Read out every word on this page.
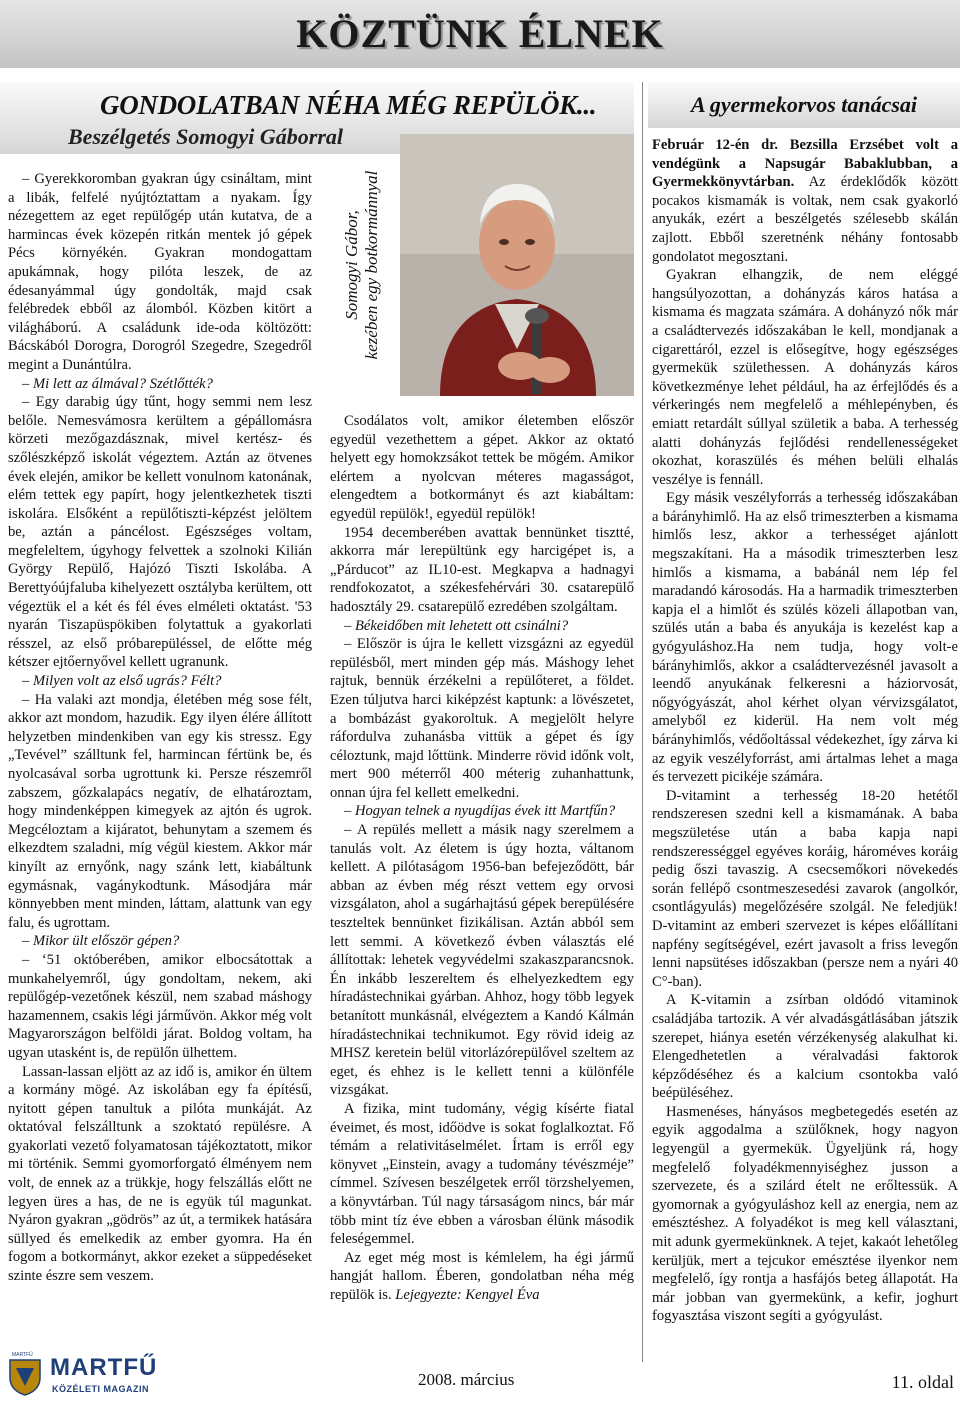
KÖZTÜNK ÉLNEK
GONDOLATBAN NÉHA MÉG REPÜLÖK...
Beszélgetés Somogyi Gáborral
Somogyi Gábor, kezében egy botkormánnyal

– Gyerekkoromban gyakran úgy csináltam, mint a libák, felfelé nyújtóztattam a nyakam. Így nézegettem az eget repülőgép után kutatva, de a harmincas évek közepén ritkán mentek jó gépek Pécs környékén. Gyakran mondogattam apukámnak, hogy pilóta leszek, de az édesanyámmal úgy gondolták, majd csak felébredek ebből az álomból. Közben kitört a világháború. A családunk ide-oda költözött: Bácskából Dorogra, Dorogról Szegedre, Szegedről megint a Dunántúlra.

– Mi lett az álmával? Szétlőtték?

– Egy darabig úgy tűnt, hogy semmi nem lesz belőle. Nemesvámosra kerültem a gépállomásra körzeti mezőgazdásznak, mivel kertész- és szőlészképző iskolát végeztem. Aztán az ötvenes évek elején, amikor be kellett vonulnom katonának, elém tettek egy papírt, hogy jelentkezhetek tiszti iskolára. Elsőként a repülőtiszti-képzést jelöltem be, aztán a páncélost. Egészséges voltam, megfeleltem, úgyhogy felvettek a szolnoki Kilián György Repülő, Hajózó Tiszti Iskolába. A Berettyóújfaluba kihelyezett osztályba kerültem, ott végeztük el a két és fél éves elméleti oktatást. '53 nyarán Tiszapüspökiben folytattuk a gyakorlati résszel, az első próbarepüléssel, de előtte még kétszer ejtőernyővel kellett ugranunk.

– Milyen volt az első ugrás? Félt?

– Ha valaki azt mondja, életében még sose félt, akkor azt mondom, hazudik. Egy ilyen élére állított helyzetben mindenkiben van egy kis stressz. Egy „Tevével” szálltunk fel, harmincan fértünk be, és nyolcasával sorba ugrottunk ki. Persze részemről zabszem, gőzkalapács negatív, de elhatároztam, hogy mindenképpen kimegyek az ajtón és ugrok. Megcéloztam a kijáratot, behunytam a szemem és elkezdtem szaladni, míg végül kiestem. Akkor már kinyílt az ernyőnk, nagy szánk lett, kiabáltunk egymásnak, vagánykodtunk. Másodjára már könnyebben ment minden, láttam, alattunk van egy falu, és ugrottam.

– Mikor ült először gépen?

– ‘51 októberében, amikor elbocsátottak a munkahelyemről, úgy gondoltam, nekem, aki repülőgép-vezetőnek készül, nem szabad máshogy hazamennem, csakis légi járművön. Akkor még volt Magyarországon belföldi járat. Boldog voltam, ha ugyan utasként is, de repülőn ülhettem.

Lassan-lassan eljött az az idő is, amikor én ültem a kormány mögé. Az iskolában egy fa építésű, nyitott gépen tanultuk a pilóta munkáját. Az oktatóval felszálltunk a szoktató repülésre. A gyakorlati vezető folyamatosan tájékoztatott, mikor mi történik. Semmi gyomorforgató élményem nem volt, de ennek az a trükkje, hogy felszállás előtt ne legyen üres a has, de ne is együk túl magunkat. Nyáron gyakran „gödrös” az út, a termikek hatására süllyed és emelkedik az ember gyomra. Ha én fogom a botkormányt, akkor ezeket a süppedéseket szinte észre sem veszem.

Csodálatos volt, amikor életemben először egyedül vezethettem a gépet. Akkor az oktató helyett egy homokzsákot tettek be mögém. Amikor elértem a nyolcvan méteres magasságot, elengedtem a botkormányt és azt kiabáltam: egyedül repülök!, egyedül repülök!

1954 decemberében avattak bennünket tisztté, akkorra már lerepültünk egy harcigépet is, a „Párducot” az IL10-est. Megkapva a hadnagyi rendfokozatot, a székesfehérvári 30. csatarepülő hadosztály 29. csatarepülő ezredében szolgáltam.

– Békeidőben mit lehetett ott csinálni?

– Először is újra le kellett vizsgázni az egyedül repülésből, mert minden gép más. Máshogy lehet rajtuk, bennük érzékelni a repülőteret, a földet. Ezen túljutva harci kiképzést kaptunk: a lövészetet, a bombázást gyakoroltuk. A megjelölt helyre ráfordulva zuhanásba vittük a gépet és így céloztunk, majd lőttünk. Minderre rövid időnk volt, mert 900 méterről 400 méterig zuhanhattunk, onnan újra fel kellett emelkedni.

– Hogyan telnek a nyugdíjas évek itt Martfűn?

– A repülés mellett a másik nagy szerelmem a tanulás volt. Az életem is úgy hozta, váltanom kellett. A pilótaságom 1956-ban befejeződött, bár abban az évben még részt vettem egy orvosi vizsgálaton, ahol a sugárhajtású gépek berepülésére teszteltek bennünket fizikálisan. Aztán abból sem lett semmi. A következő évben választás elé állítottak: lehetek vegyvédelmi szakaszparancsnok. Én inkább leszereltem és elhelyezkedtem egy híradástechnikai gyárban. Ahhoz, hogy több legyek betanított munkásnál, elvégeztem a Kandó Kálmán híradástechnikai technikumot. Egy rövid ideig az MHSZ keretein belül vitorlázórepülővel szeltem az eget, és ehhez is le kellett tenni a különféle vizsgákat.

A fizika, mint tudomány, végig kísérte fiatal éveimet, és most, időödve is sokat foglalkoztat. Fő témám a relativitáselmélet. Írtam is erről egy könyvet „Einstein, avagy a tudomány tévészméje” címmel. Szívesen beszélgetek erről törzshelyemen, a könyvtárban. Túl nagy társaságom nincs, bár már több mint tíz éve ebben a városban élünk második feleségemmel.

Az eget még most is kémlelem, ha égi jármű hangját hallom. Éberen, gondolatban néha még repülök is. Lejegyezte: Kengyel Éva

A gyermekorvos tanácsai

Február 12-én dr. Bezsilla Erzsébet volt a vendégünk a Napsugár Babaklubban, a Gyermekkönyvtárban. Az érdeklődők között pocakos kismamák is voltak, nem csak gyakorló anyukák, ezért a beszélgetés szélesebb skálán zajlott. Ebből szeretnénk néhány fontosabb gondolatot megosztani.

Gyakran elhangzik, de nem eléggé hangsúlyozottan, a dohányzás káros hatása a kismama és magzata számára. A dohányzó nők már a családtervezés időszakában le kell, mondjanak a cigarettáról, ezzel is elősegítve, hogy egészséges gyermekük születhessen. A dohányzás káros következménye lehet például, ha az érfejlődés és a vérkeringés nem megfelelő a méhlepényben, és emiatt retardált súllyal születik a baba. A terhesség alatti dohányzás fejlődési rendellenességeket okozhat, koraszülés és méhen belüli elhalás veszélye is fennáll.

Egy másik veszélyforrás a terhesség időszakában a bárányhimlő. Ha az első trimeszterben a kismama himlős lesz, akkor a terhességet ajánlott megszakítani. Ha a második trimeszterben lesz himlős a kismama, a babánál nem lép fel maradandó károsodás. Ha a harmadik trimeszterben kapja el a himlőt és szülés közeli állapotban van, szülés után a baba és anyukája is kezelést kap a gyógyuláshoz.Ha nem tudja, hogy volt-e bárányhimlős, akkor a családtervezésnél javasolt a leendő anyukának felkeresni a háziorvosát, nőgyógyászát, ahol kérhet olyan vérvizsgálatot, amelyből ez kiderül. Ha nem volt még bárányhimlős, védőoltással védekezhet, így zárva ki az egyik veszélyforrást, ami ártalmas lehet a maga és tervezett picikéje számára.

D-vitamint a terhesség 18-20 hetétől rendszeresen szedni kell a kismamának. A baba megszületése után a baba kapja napi rendszerességgel egyéves koráig, hároméves koráig pedig őszi tavaszig. A csecsemőkori növekedés során fellépő csontmeszesedési zavarok (angolkór, csontlágyulás) megelőzésére szolgál. Ne feledjük! D-vitamint az emberi szervezet is képes előállítani napfény segítségével, ezért javasolt a friss levegőn lenni napsütéses időszakban (persze nem a nyári 40 C°-ban).

A K-vitamin a zsírban oldódó vitaminok családjába tartozik. A vér alvadásgátlásában játszik szerepet, hiánya esetén vérzékenység alakulhat ki. Elengedhetetlen a véralvadási faktorok képződéséhez és a kalcium csontokba való beépüléséhez.

Hasmenéses, hányásos megbetegedés esetén az egyik aggodalma a szülőknek, hogy nagyon legyengül a gyermekük. Ügyeljünk rá, hogy megfelelő folyadékmennyiséghez jusson a szervezete, és a szilárd ételt ne erőltessük. A gyomornak a gyógyuláshoz kell az energia, nem az emésztéshez. A folyadékot is meg kell választani, mit adunk gyermekünknek. A tejet, kakaót lehetőleg kerüljük, mert a tejcukor emésztése ilyenkor nem megfelelő, így rontja a hasfájós beteg állapotát. Ha már jobban van gyermekünk, a kefir, joghurt fogyasztása viszont segíti a gyógyulást.

MARTFŰ MARTFŰ
KÖZÉLETI MAGAZIN	2008. március	11. oldal
